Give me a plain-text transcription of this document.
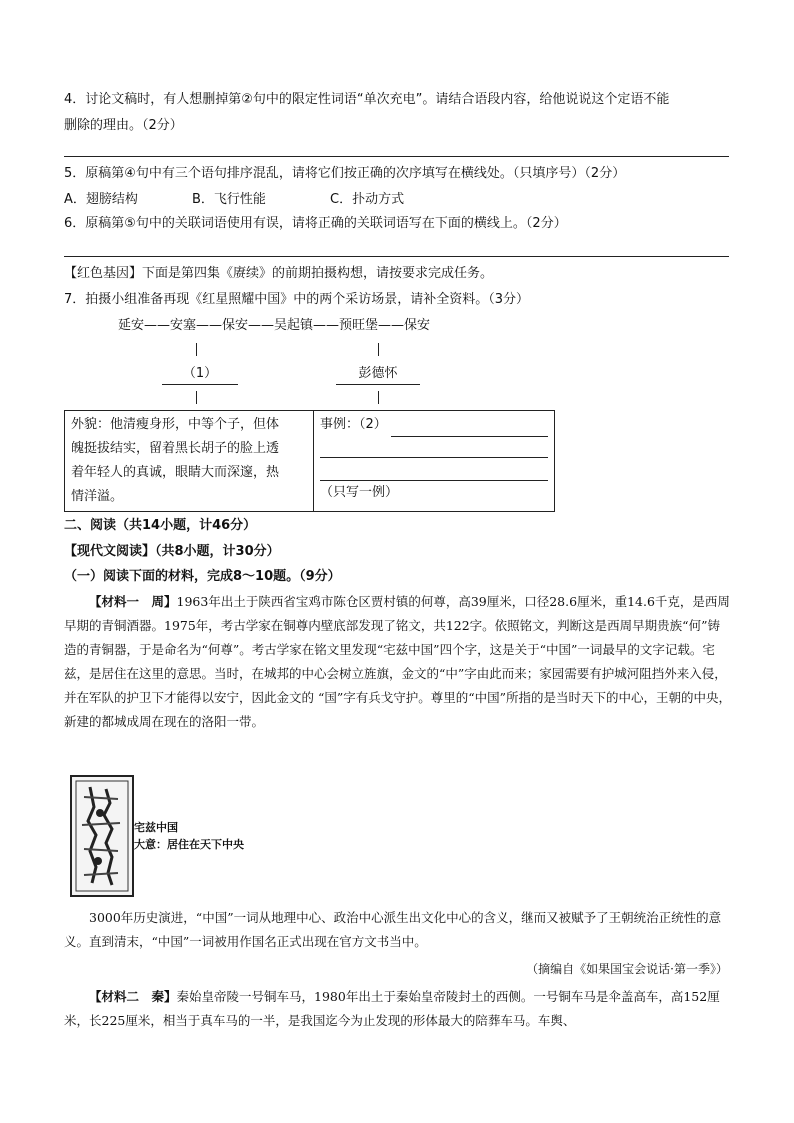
4．讨论文稿时，有人想删掉第②句中的限定性词语“单次充电”。请结合语段内容，给他说说这个定语不能
删除的理由。（2分）
5．原稿第④句中有三个语句排序混乱，请将它们按正确的次序填写在横线处。（只填序号）（2分）
A．翅膀结构	B．飞行性能	C．扑动方式
6．原稿第⑤句中的关联词语使用有误，请将正确的关联词语写在下面的横线上。（2分）
【红色基因】下面是第四集《赓续》的前期拍摄构想，请按要求完成任务。
7．拍摄小组准备再现《红星照耀中国》中的两个采访场景，请补全资料。（3分）
延安——安塞——保安——吴起镇——预旺堡——保安
（1）	彭德怀
外貌：他清瘦身形，中等个子，但体
魄挺拔结实，留着黑长胡子的脸上透
着年轻人的真诚，眼睛大而深邃，热
情洋溢。

事例：（2）
（只写一例）
二、阅读（共14小题，计46分）
【现代文阅读】（共8小题，计30分）
（一）阅读下面的材料，完成8～10题。（9分）
【材料一　周】1963年出土于陕西省宝鸡市陈仓区贾村镇的何尊，高39厘米，口径28.6厘米，重14.6千克，是西周早期的青铜酒器。1975年，考古学家在铜尊内壁底部发现了铭文，共122字。依照铭文，判断这是西周早期贵族“何”铸造的青铜器，于是命名为“何尊”。考古学家在铭文里发现“宅兹中国”四个字，这是关于“中国”一词最早的文字记载。宅兹，是居住在这里的意思。当时，在城邦的中心会树立旌旗，金文的“中”字由此而来；家园需要有护城河阻挡外来入侵，并在军队的护卫下才能得以安宁，因此金文的 “国”字有兵戈守护。尊里的“中国”所指的是当时天下的中心，王朝的中央，新建的都城成周在现在的洛阳一带。
宅兹中国
大意：居住在天下中央
3000年历史演进，“中国”一词从地理中心、政治中心派生出文化中心的含义，继而又被赋予了王朝统治正统性的意义。直到清末，“中国”一词被用作国名正式出现在官方文书当中。
（摘编自《如果国宝会说话·第一季》）
【材料二　秦】秦始皇帝陵一号铜车马，1980年出土于秦始皇帝陵封土的西侧。一号铜车马是伞盖高车，高152厘米，长225厘米，相当于真车马的一半，是我国迄今为止发现的形体最大的陪葬车马。车舆、
